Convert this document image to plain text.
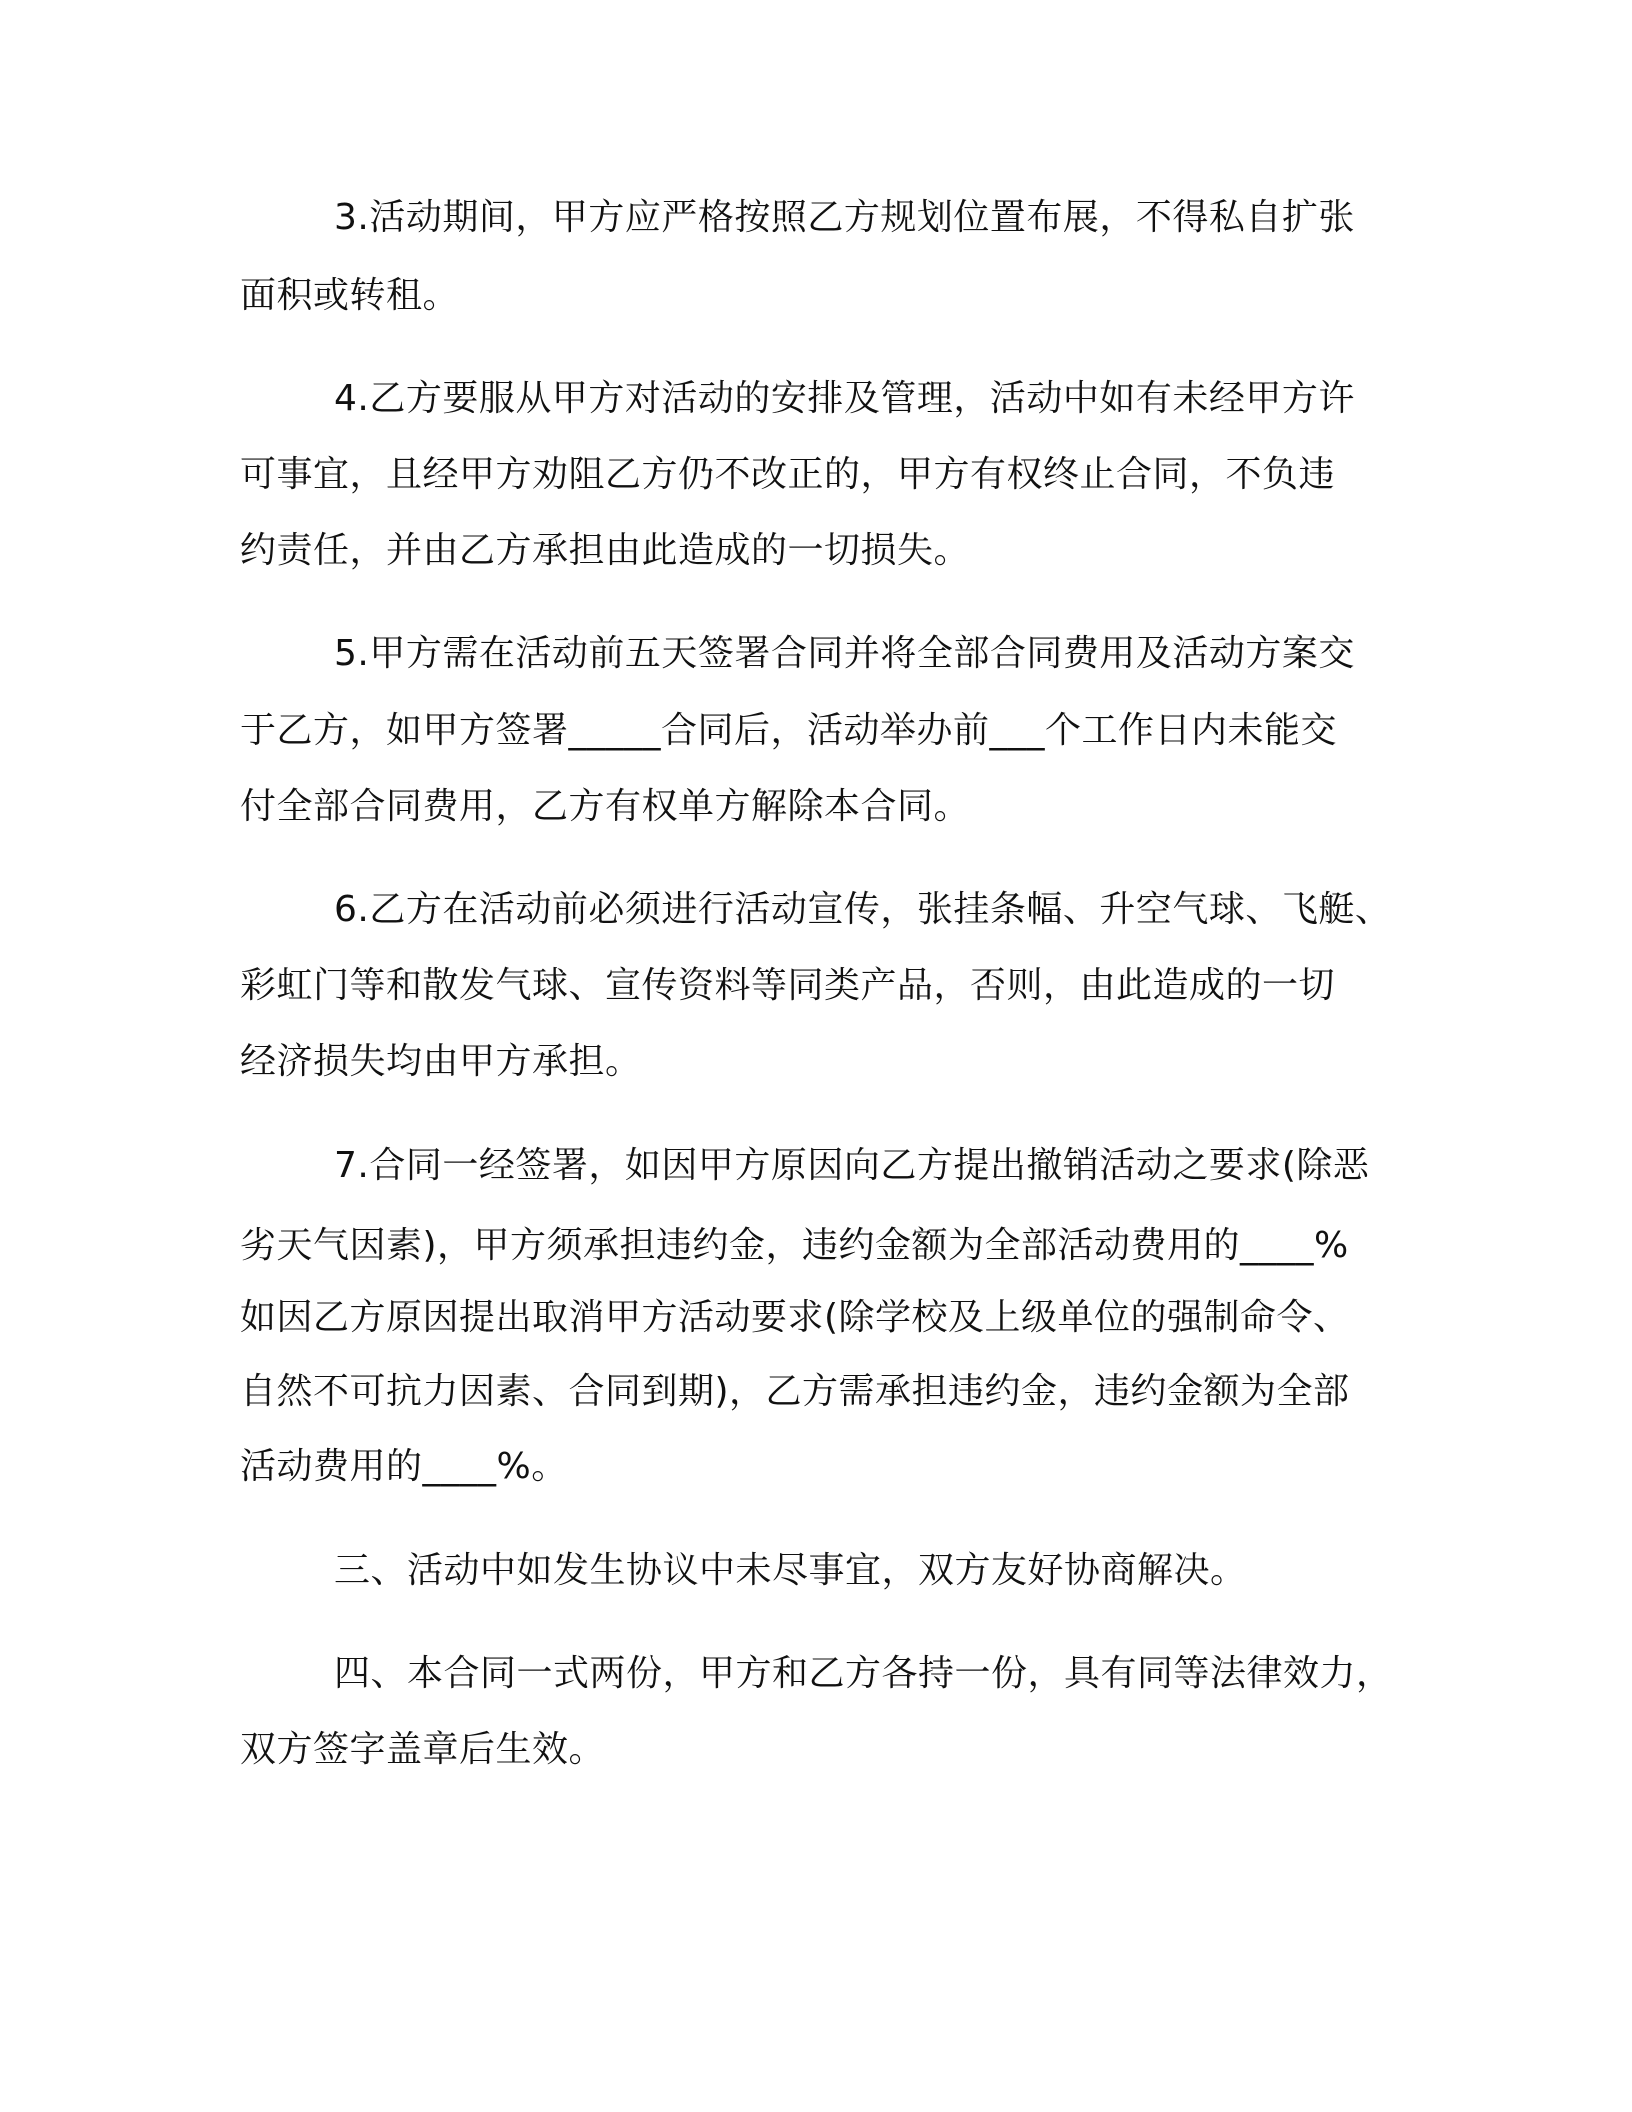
3.活动期间，甲方应严格按照乙方规划位置布展，不得私自扩张
面积或转租。
4.乙方要服从甲方对活动的安排及管理，活动中如有未经甲方许
可事宜，且经甲方劝阻乙方仍不改正的，甲方有权终止合同，不负违
约责任，并由乙方承担由此造成的一切损失。
5.甲方需在活动前五天签署合同并将全部合同费用及活动方案交
于乙方，如甲方签署_____合同后，活动举办前___个工作日内未能交
付全部合同费用，乙方有权单方解除本合同。
6.乙方在活动前必须进行活动宣传，张挂条幅、升空气球、飞艇、
彩虹门等和散发气球、宣传资料等同类产品，否则，由此造成的一切
经济损失均由甲方承担。
7.合同一经签署，如因甲方原因向乙方提出撤销活动之要求(除恶
劣天气因素)，甲方须承担违约金，违约金额为全部活动费用的____%
如因乙方原因提出取消甲方活动要求(除学校及上级单位的强制命令、
自然不可抗力因素、合同到期)，乙方需承担违约金，违约金额为全部
活动费用的____%。
三、活动中如发生协议中未尽事宜，双方友好协商解决。
四、本合同一式两份，甲方和乙方各持一份，具有同等法律效力，
双方签字盖章后生效。
